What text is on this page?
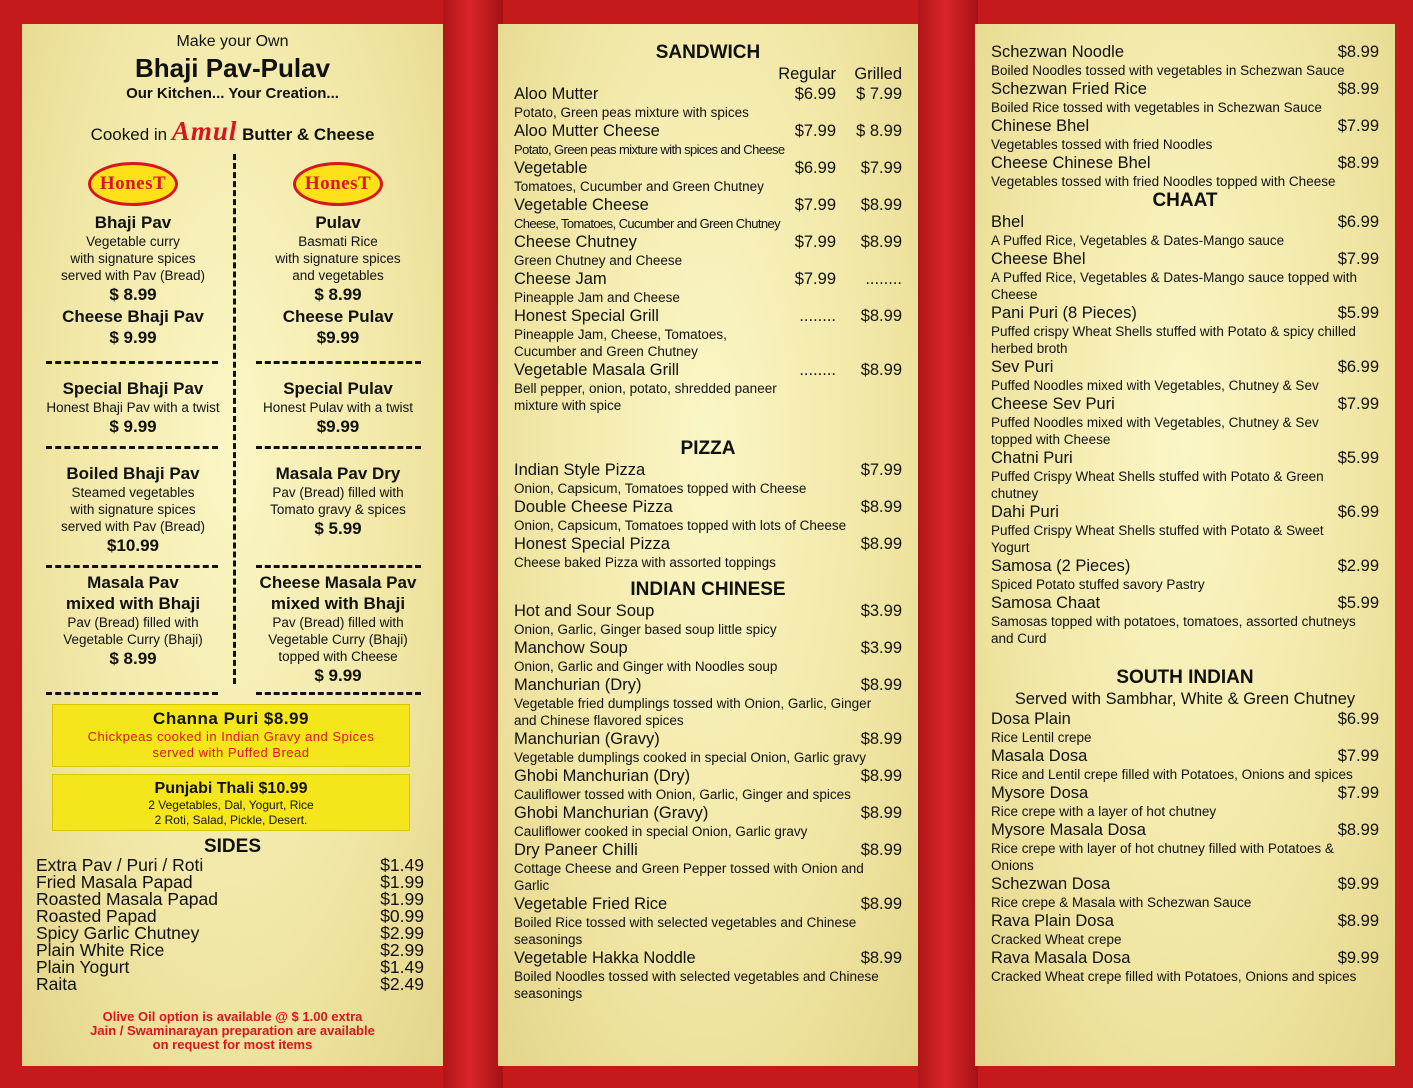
Make your Own
Bhaji Pav-Pulav
Our Kitchen... Your Creation...
Cooked in Amul Butter & Cheese
HonesT
Bhaji Pav
Vegetable curry
with signature spices
served with Pav (Bread)
$ 8.99
Cheese Bhaji Pav
$ 9.99
HonesT
Pulav
Basmati Rice
with signature spices
and vegetables
$ 8.99
Cheese Pulav
$9.99
Special Bhaji Pav
Honest Bhaji Pav with a twist
$ 9.99
Special Pulav
Honest Pulav with a twist
$9.99
Boiled Bhaji Pav
Steamed vegetables
with signature spices
served with Pav (Bread)
$10.99
Masala Pav Dry
Pav (Bread) filled with
Tomato gravy & spices
$ 5.99
Masala Pav
mixed with Bhaji
Pav (Bread) filled with
Vegetable Curry (Bhaji)
$ 8.99
Cheese Masala Pav
mixed with Bhaji
Pav (Bread) filled with
Vegetable Curry (Bhaji)
topped with Cheese
$ 9.99
Channa Puri $8.99
Chickpeas cooked in Indian Gravy and Spices
served with Puffed Bread
Punjabi Thali $10.99
2 Vegetables, Dal, Yogurt, Rice
2 Roti, Salad, Pickle, Desert.
SIDES
Extra Pav / Puri / Roti	$1.49
Fried Masala Papad	$1.99
Roasted Masala Papad	$1.99
Roasted Papad	$0.99
Spicy Garlic Chutney	$2.99
Plain White Rice	$2.99
Plain Yogurt	$1.49
Raita	$2.49
Olive Oil option is available @ $ 1.00 extra
Jain / Swaminarayan preparation are available
on request for most items
SANDWICH
Regular	Grilled
Aloo Mutter	$6.99	$ 7.99
Potato, Green peas mixture with spices
Aloo Mutter Cheese	$7.99	$ 8.99
Potato, Green peas mixture with spices and Cheese
Vegetable	$6.99	$7.99
Tomatoes, Cucumber and Green Chutney
Vegetable Cheese	$7.99	$8.99
Cheese, Tomatoes, Cucumber and Green Chutney
Cheese Chutney	$7.99	$8.99
Green Chutney and Cheese
Cheese Jam	$7.99	........
Pineapple Jam and Cheese
Honest Special Grill	........	$8.99
Pineapple Jam, Cheese, Tomatoes,
Cucumber and Green Chutney
Vegetable Masala Grill	........	$8.99
Bell pepper, onion, potato, shredded paneer
mixture with spice
PIZZA
Indian Style Pizza	$7.99
Onion, Capsicum, Tomatoes topped with Cheese
Double Cheese Pizza	$8.99
Onion, Capsicum, Tomatoes topped with lots of Cheese
Honest Special Pizza	$8.99
Cheese baked Pizza with assorted toppings
INDIAN CHINESE
Hot and Sour Soup	$3.99
Onion, Garlic, Ginger based soup little spicy
Manchow Soup	$3.99
Onion, Garlic and Ginger with Noodles soup
Manchurian (Dry)	$8.99
Vegetable fried dumplings tossed with Onion, Garlic, Ginger
and Chinese flavored spices
Manchurian (Gravy)	$8.99
Vegetable dumplings cooked in special Onion, Garlic gravy
Ghobi Manchurian (Dry)	$8.99
Cauliflower tossed with Onion, Garlic, Ginger and spices
Ghobi Manchurian (Gravy)	$8.99
Cauliflower cooked in special Onion, Garlic gravy
Dry Paneer Chilli	$8.99
Cottage Cheese and Green Pepper tossed with Onion and
Garlic
Vegetable Fried Rice	$8.99
Boiled Rice tossed with selected vegetables and Chinese
seasonings
Vegetable Hakka Noddle	$8.99
Boiled Noodles tossed with selected vegetables and Chinese
seasonings
Schezwan Noodle	$8.99
Boiled Noodles tossed with vegetables in Schezwan Sauce
Schezwan Fried Rice	$8.99
Boiled Rice tossed with vegetables in Schezwan Sauce
Chinese Bhel	$7.99
Vegetables tossed with fried Noodles
Cheese Chinese Bhel	$8.99
Vegetables tossed with fried Noodles topped with Cheese
CHAAT
Bhel	$6.99
A Puffed Rice, Vegetables & Dates-Mango sauce
Cheese Bhel	$7.99
A Puffed Rice, Vegetables & Dates-Mango sauce topped with
Cheese
Pani Puri (8 Pieces)	$5.99
Puffed crispy Wheat Shells stuffed with Potato & spicy chilled
herbed broth
Sev Puri	$6.99
Puffed Noodles mixed with Vegetables, Chutney & Sev
Cheese Sev Puri	$7.99
Puffed Noodles mixed with Vegetables, Chutney & Sev
topped with Cheese
Chatni Puri	$5.99
Puffed Crispy Wheat Shells stuffed with Potato & Green
chutney
Dahi Puri	$6.99
Puffed Crispy Wheat Shells stuffed with Potato & Sweet
Yogurt
Samosa (2 Pieces)	$2.99
Spiced Potato stuffed savory Pastry
Samosa Chaat	$5.99
Samosas topped with potatoes, tomatoes, assorted chutneys
and Curd
SOUTH INDIAN
Served with Sambhar, White & Green Chutney
Dosa Plain	$6.99
Rice Lentil crepe
Masala Dosa	$7.99
Rice and Lentil crepe filled with Potatoes, Onions and spices
Mysore Dosa	$7.99
Rice crepe with a layer of hot chutney
Mysore Masala Dosa	$8.99
Rice crepe with layer of hot chutney filled with Potatoes &
Onions
Schezwan Dosa	$9.99
Rice crepe & Masala with Schezwan Sauce
Rava Plain Dosa	$8.99
Cracked Wheat crepe
Rava Masala Dosa	$9.99
Cracked Wheat crepe filled with Potatoes, Onions and spices
